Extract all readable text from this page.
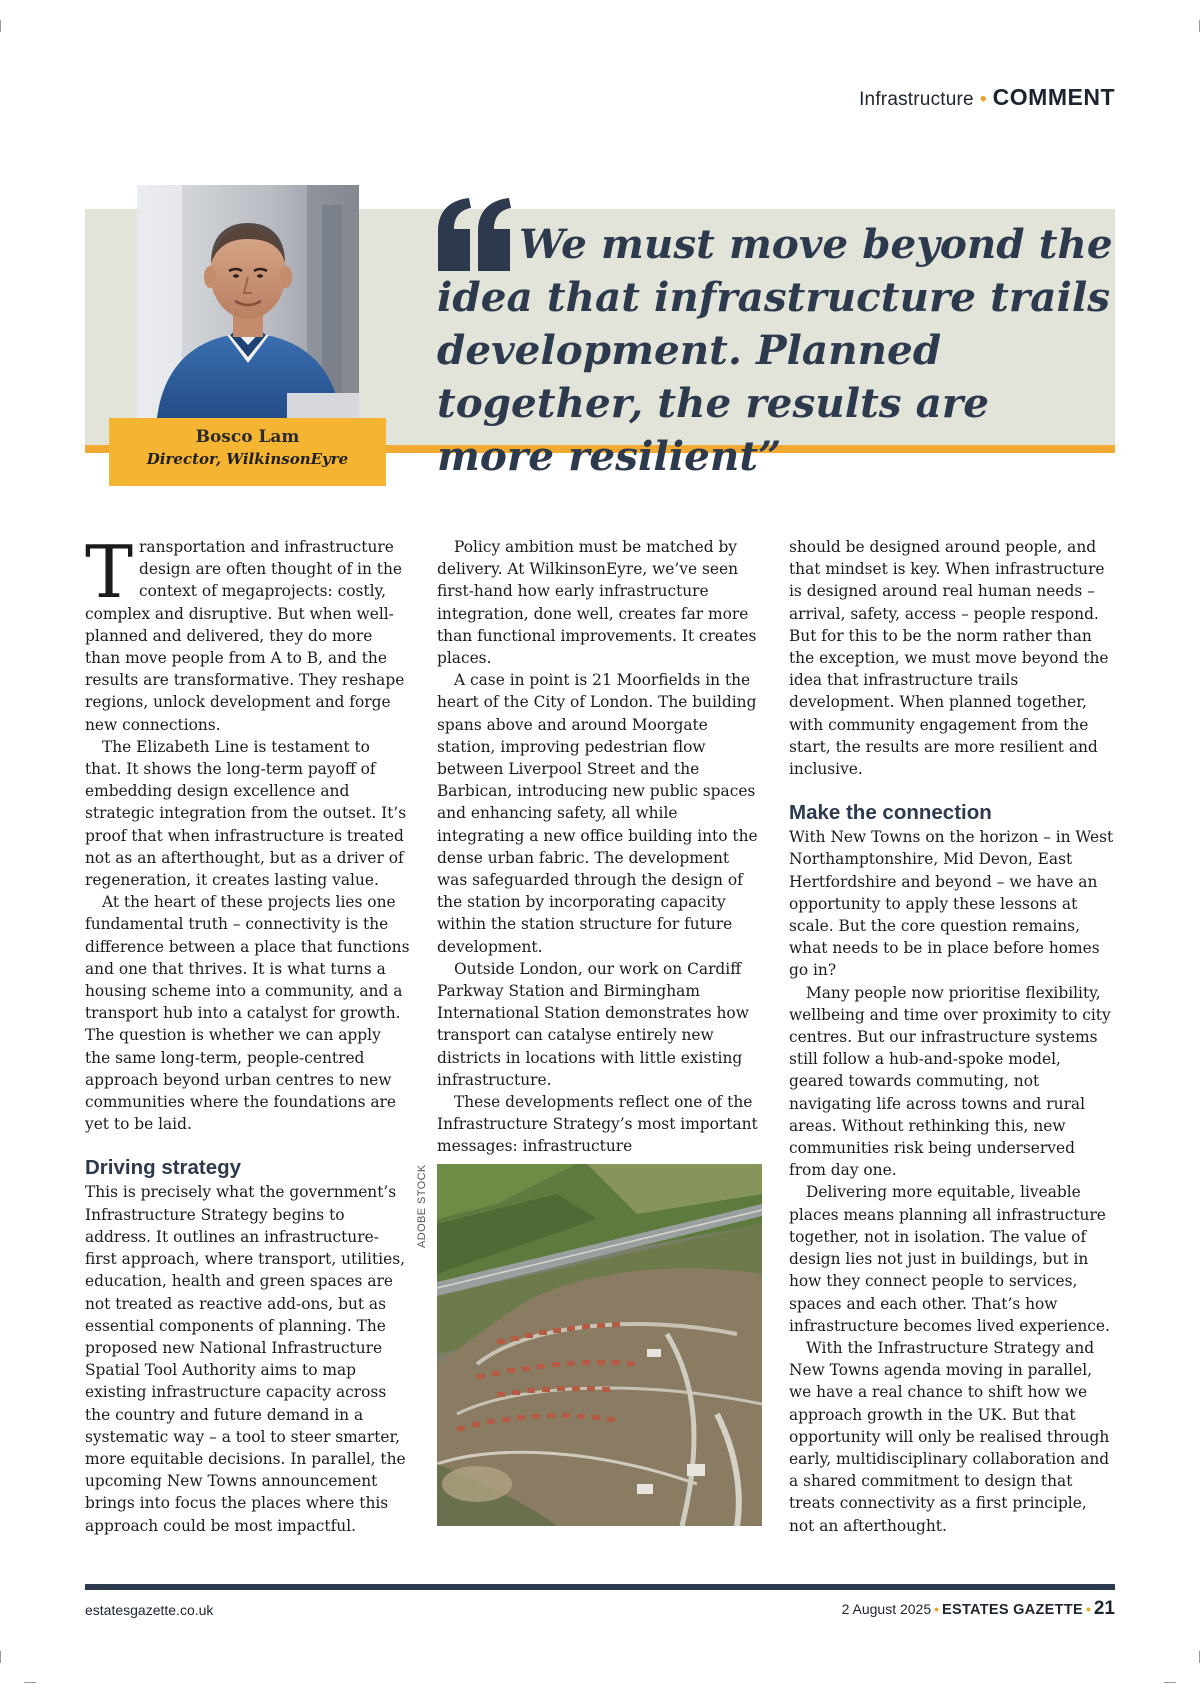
Infrastructure • COMMENT
Bosco Lam
Director, WilkinsonEyre
We must move beyond the idea that infrastructure trails development. Planned together, the results are more resilient”

Transportation and infrastructure design are often thought of in the context of megaprojects: costly, complex and disruptive. But when well-planned and delivered, they do more than move people from A to B, and the results are transformative. They reshape regions, unlock development and forge new connections.

The Elizabeth Line is testament to that. It shows the long-term payoff of embedding design excellence and strategic integration from the outset. It’s proof that when infrastructure is treated not as an afterthought, but as a driver of regeneration, it creates lasting value.

At the heart of these projects lies one fundamental truth – connectivity is the difference between a place that functions and one that thrives. It is what turns a housing scheme into a community, and a transport hub into a catalyst for growth. The question is whether we can apply the same long-term, people-centred approach beyond urban centres to new communities where the foundations are yet to be laid.

Driving strategy

This is precisely what the government’s Infrastructure Strategy begins to address. It outlines an infrastructure-first approach, where transport, utilities, education, health and green spaces are not treated as reactive add-ons, but as essential components of planning. The proposed new National Infrastructure Spatial Tool Authority aims to map existing infrastructure capacity across the country and future demand in a systematic way – a tool to steer smarter, more equitable decisions. In parallel, the upcoming New Towns announcement brings into focus the places where this approach could be most impactful.

Policy ambition must be matched by delivery. At WilkinsonEyre, we’ve seen first-hand how early infrastructure integration, done well, creates far more than functional improvements. It creates places.

A case in point is 21 Moorfields in the heart of the City of London. The building spans above and around Moorgate station, improving pedestrian flow between Liverpool Street and the Barbican, introducing new public spaces and enhancing safety, all while integrating a new office building into the dense urban fabric. The development was safeguarded through the design of the station by incorporating capacity within the station structure for future development.

Outside London, our work on Cardiff Parkway Station and Birmingham International Station demonstrates how transport can catalyse entirely new districts in locations with little existing infrastructure.

These developments reflect one of the Infrastructure Strategy’s most important messages: infrastructure

ADOBE STOCK

should be designed around people, and that mindset is key. When infrastructure is designed around real human needs – arrival, safety, access – people respond. But for this to be the norm rather than the exception, we must move beyond the idea that infrastructure trails development. When planned together, with community engagement from the start, the results are more resilient and inclusive.

Make the connection

With New Towns on the horizon – in West Northamptonshire, Mid Devon, East Hertfordshire and beyond – we have an opportunity to apply these lessons at scale. But the core question remains, what needs to be in place before homes go in?

Many people now prioritise flexibility, wellbeing and time over proximity to city centres. But our infrastructure systems still follow a hub-and-spoke model, geared towards commuting, not navigating life across towns and rural areas. Without rethinking this, new communities risk being underserved from day one.

Delivering more equitable, liveable places means planning all infrastructure together, not in isolation. The value of design lies not just in buildings, but in how they connect people to services, spaces and each other. That’s how infrastructure becomes lived experience.

With the Infrastructure Strategy and New Towns agenda moving in parallel, we have a real chance to shift how we approach growth in the UK. But that opportunity will only be realised through early, multidisciplinary collaboration and a shared commitment to design that treats connectivity as a first principle, not an afterthought.

estatesgazette.co.uk	2 August 2025 • ESTATES GAZETTE • 21
